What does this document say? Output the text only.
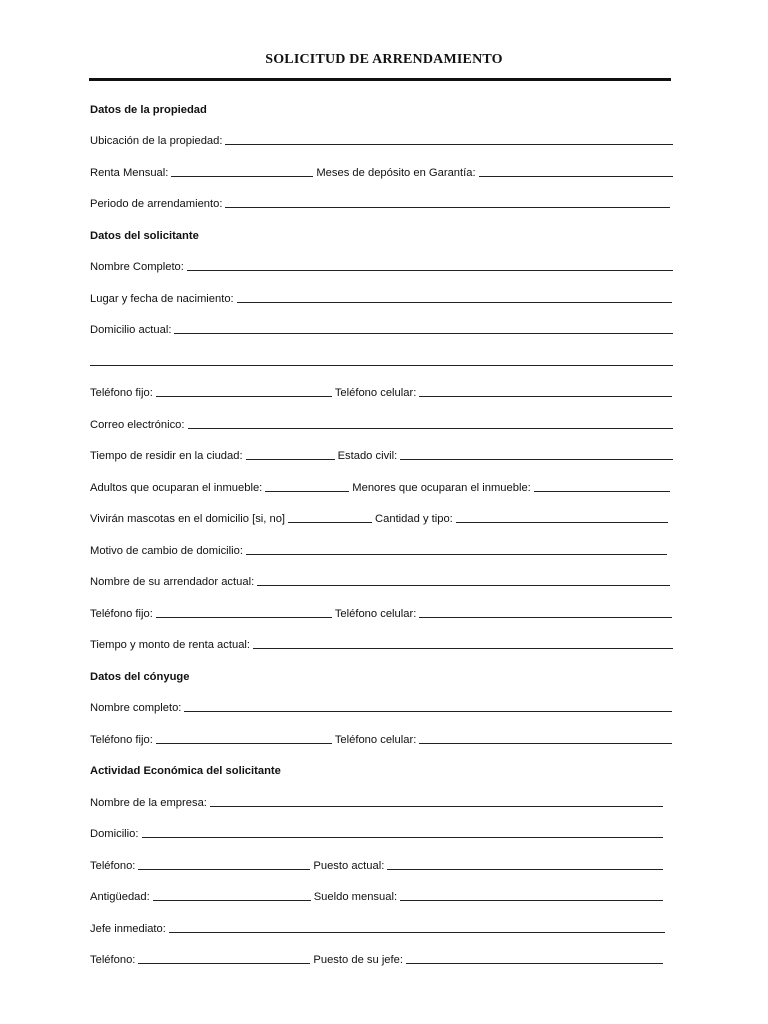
SOLICITUD DE ARRENDAMIENTO
Datos de la propiedad
Ubicación de la propiedad:
Renta Mensual:	Meses de depósito en Garantía:
Periodo de arrendamiento:
Datos del solicitante
Nombre Completo:
Lugar y fecha de nacimiento:
Domicilio actual:
Teléfono fijo:	Teléfono celular:
Correo electrónico:
Tiempo de residir en la ciudad:	Estado civil:
Adultos que ocuparan el inmueble:	Menores que ocuparan el inmueble:
Vivirán mascotas en el domicilio [si, no]	Cantidad y tipo:
Motivo de cambio de domicilio:
Nombre de su arrendador actual:
Teléfono fijo:	Teléfono celular:
Tiempo y monto de renta actual:
Datos del cónyuge
Nombre completo:
Teléfono fijo:	Teléfono celular:
Actividad Económica del solicitante
Nombre de la empresa:
Domicilio:
Teléfono:	Puesto actual:
Antigüedad:	Sueldo mensual:
Jefe inmediato:
Teléfono:	Puesto de su jefe:
